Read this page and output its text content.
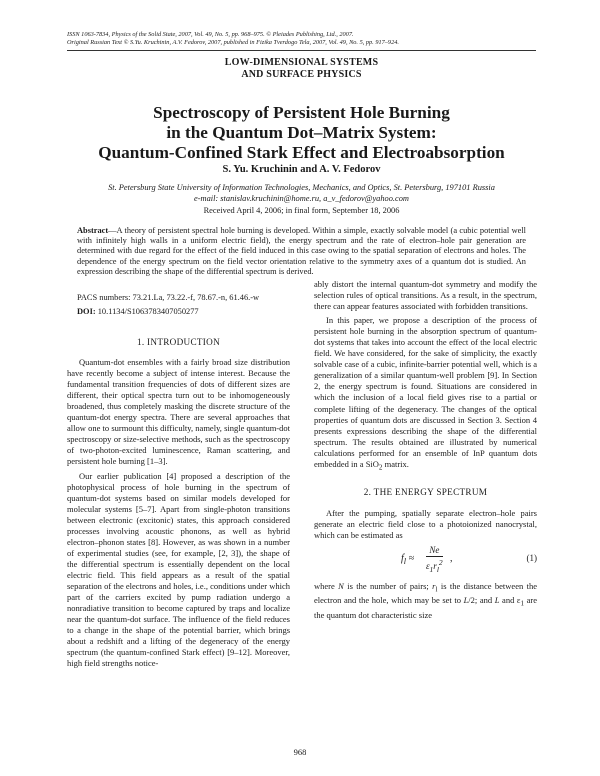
ISSN 1063-7834, Physics of the Solid State, 2007, Vol. 49, No. 5, pp. 968–975. © Pleiades Publishing, Ltd., 2007.
Original Russian Text © S.Yu. Kruchinin, A.V. Fedorov, 2007, published in Fizika Tverdogo Tela, 2007, Vol. 49, No. 5, pp. 917–924.
LOW-DIMENSIONAL SYSTEMS
AND SURFACE PHYSICS
Spectroscopy of Persistent Hole Burning
in the Quantum Dot–Matrix System:
Quantum-Confined Stark Effect and Electroabsorption
S. Yu. Kruchinin and A. V. Fedorov
St. Petersburg State University of Information Technologies, Mechanics, and Optics, St. Petersburg, 197101 Russia
e-mail: stanislav.kruchinin@home.ru, a_v_fedorov@yahoo.com
Received April 4, 2006; in final form, September 18, 2006
Abstract—A theory of persistent spectral hole burning is developed. Within a simple, exactly solvable model (a cubic potential well with infinitely high walls in a uniform electric field), the energy spectrum and the rate of electron–hole pair generation are determined with due regard for the effect of the field induced in this case owing to the spatial separation of electrons and holes. The dependence of the energy spectrum on the field vector orientation relative to the symmetry axes of a quantum dot is studied. An expression describing the shape of the differential spectrum is derived.
PACS numbers: 73.21.La, 73.22.-f, 78.67.-n, 61.46.-w
DOI: 10.1134/S1063783407050277
1. INTRODUCTION

Quantum-dot ensembles with a fairly broad size distribution have recently become a subject of intense interest. Because the fundamental transition frequencies of dots of different sizes are different, their optical spectra turn out to be inhomogeneously broadened, thus completely masking the discrete structure of the quantum-dot energy spectra. There are several approaches that allow one to surmount this difficulty, namely, single quantum-dot spectroscopy or size-selective methods, such as the spectroscopy of two-photon-excited luminescence, Raman scattering, and persistent hole burning [1–3].

Our earlier publication [4] proposed a description of the photophysical process of hole burning in the spectrum of quantum-dot systems based on similar models developed for molecular systems [5–7]. Apart from single-photon transitions between electronic (excitonic) states, this approach considered processes involving acoustic phonons, as well as hybrid electron–phonon states [8]. However, as was shown in a number of experimental studies (see, for example, [2, 3]), the shape of the differential spectrum is essentially dependent on the local electric field. This field appears as a result of the spatial separation of the electrons and holes, i.e., conditions under which part of the carriers excited by pump radiation undergo a nonradiative transition to become captured by traps and localize near the quantum-dot surface. The influence of the field reduces to a change in the shape of the potential barrier, which brings about a redshift and a lifting of the degeneracy of the energy spectrum (the quantum-confined Stark effect) [9–12]. Moreover, high field strengths notice-

ably distort the internal quantum-dot symmetry and modify the selection rules of optical transitions. As a result, in the spectrum, there can appear features associated with forbidden transitions.

In this paper, we propose a description of the process of persistent hole burning in the absorption spectrum of quantum-dot systems that takes into account the effect of the local electric field. We have considered, for the sake of simplicity, the exactly solvable case of a cubic, infinite-barrier potential well, which is a generalization of a similar quantum-well problem [9]. In Section 2, the energy spectrum is found. Situations are considered in which the inclusion of a local field gives rise to a partial or complete lifting of the degeneracy. The changes of the optical properties of quantum dots are discussed in Section 3. Section 4 presents expressions describing the shape of the differential spectrum. The results obtained are illustrated by numerical calculations performed for an ensemble of InP quantum dots embedded in a SiO$_2$ matrix.

2. THE ENERGY SPECTRUM

After the pumping, spatially separate electron–hole pairs generate an electric field close to a photoionized nanocrystal, which can be estimated as

$f_l \approx \frac{Ne}{\varepsilon_1r_l^2}$ ,	(1)

where N is the number of pairs; $r_l$ is the distance between the electron and the hole, which may be set to L/2; and L and $\varepsilon_1$ are the quantum dot characteristic size

968
